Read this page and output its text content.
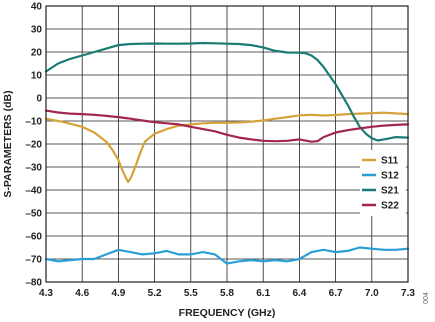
4.3 4.6 4.9 5.2 5.5 5.8 6.1 6.4 6.7 7.0 7.3
40
30
20
10
0
–10
–20
–30
–40
–50
–60
–70
–80
S11
S12
S21
S22
FREQUENCY (GHz)
S-PARAMETERS (dB)
004
